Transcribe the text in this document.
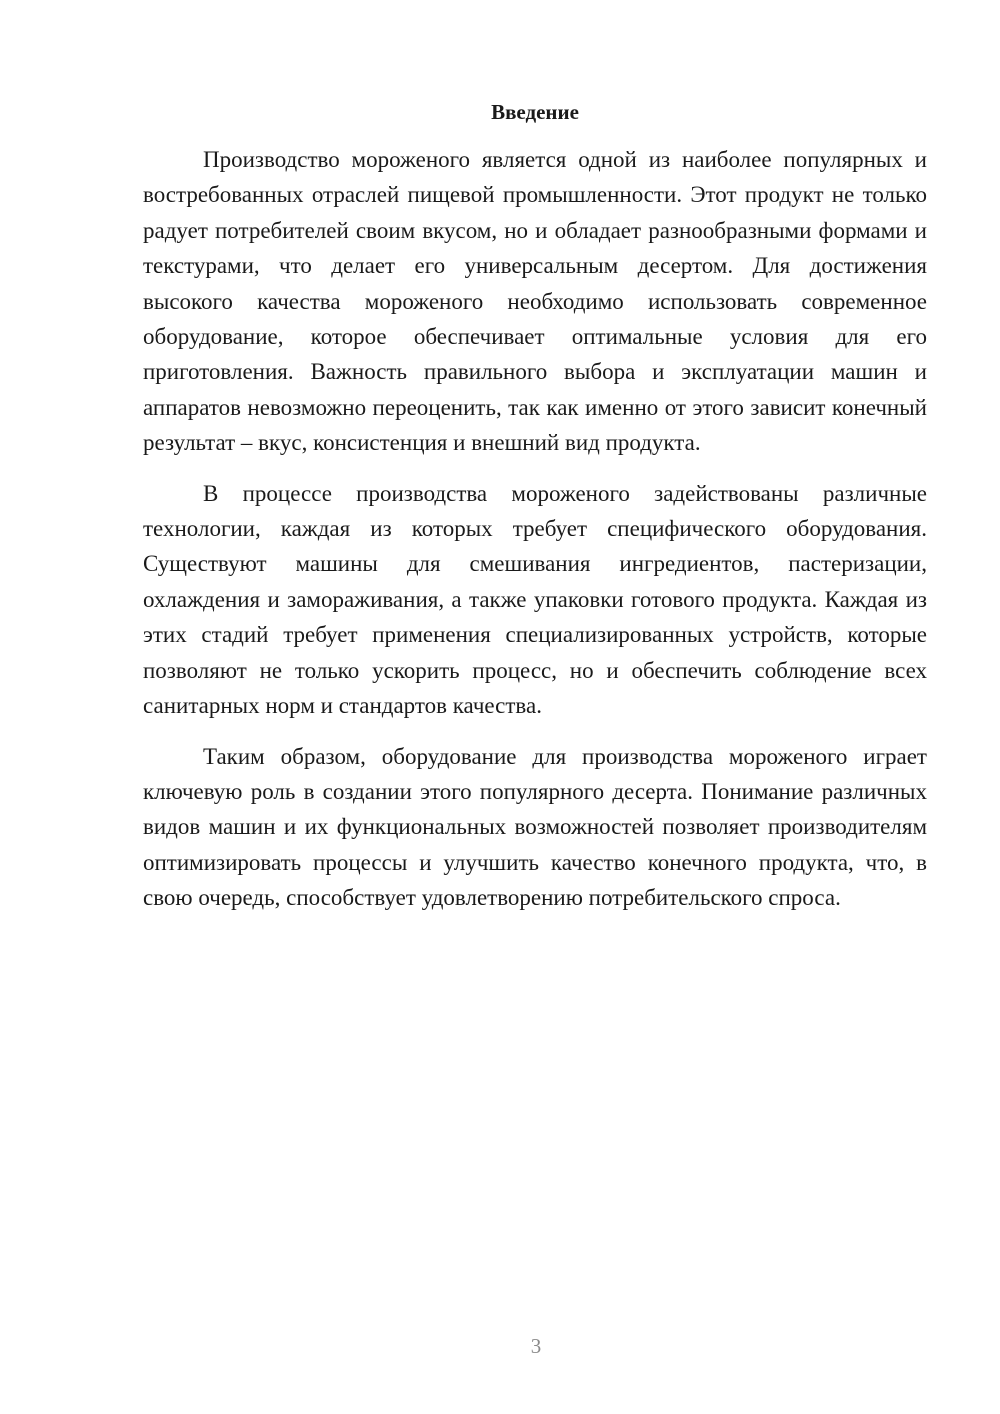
Введение

Производство мороженого является одной из наиболее популярных и востребованных отраслей пищевой промышленности. Этот продукт не только радует потребителей своим вкусом, но и обладает разнообразными формами и текстурами, что делает его универсальным десертом. Для достижения высокого качества мороженого необходимо использовать современное оборудование, которое обеспечивает оптимальные условия для его приготовления. Важность правильного выбора и эксплуатации машин и аппаратов невозможно переоценить, так как именно от этого зависит конечный результат – вкус, консистенция и внешний вид продукта.

В процессе производства мороженого задействованы различные технологии, каждая из которых требует специфического оборудования. Существуют машины для смешивания ингредиентов, пастеризации, охлаждения и замораживания, а также упаковки готового продукта. Каждая из этих стадий требует применения специализированных устройств, которые позволяют не только ускорить процесс, но и обеспечить соблюдение всех санитарных норм и стандартов качества.

Таким образом, оборудование для производства мороженого играет ключевую роль в создании этого популярного десерта. Понимание различных видов машин и их функциональных возможностей позволяет производителям оптимизировать процессы и улучшить качество конечного продукта, что, в свою очередь, способствует удовлетворению потребительского спроса.

3
